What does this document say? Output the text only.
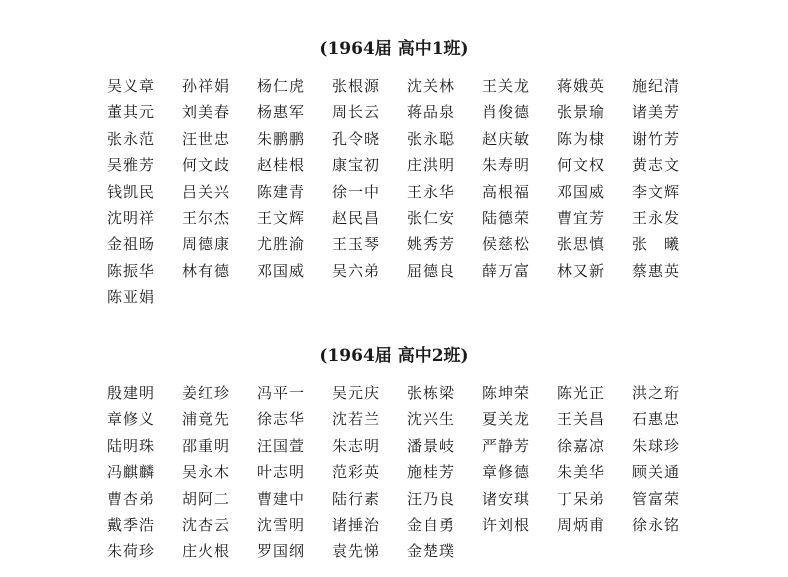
(1964届 高中1班)
吴义章	孙祥娟	杨仁虎	张根源	沈关林	王关龙	蒋娥英	施纪清
董其元	刘美春	杨惠军	周长云	蒋品泉	肖俊德	张景瑜	诸美芳
张永范	汪世忠	朱鹏鹏	孔令晓	张永聪	赵庆敏	陈为棣	谢竹芳
吴雅芳	何文歧	赵桂根	康宝初	庄洪明	朱寿明	何文权	黄志文
钱凯民	吕关兴	陈建青	徐一中	王永华	高根福	邓国威	李文辉
沈明祥	王尔杰	王文辉	赵民昌	张仁安	陆德荣	曹宜芳	王永发
金祖旸	周德康	尤胜渝	王玉琴	姚秀芳	侯慈松	张思慎	张　曦
陈振华	林有德	邓国威	吴六弟	屈德良	薛万富	林又新	蔡惠英
陈亚娟
(1964届 高中2班)
殷建明	姜红珍	冯平一	吴元庆	张栋梁	陈坤荣	陈光正	洪之珩
章修义	浦竟先	徐志华	沈若兰	沈兴生	夏关龙	王关昌	石惠忠
陆明珠	邵重明	汪国萱	朱志明	潘景岐	严静芳	徐嘉凉	朱球珍
冯麒麟	吴永木	叶志明	范彩英	施桂芳	章修德	朱美华	顾关通
曹杏弟	胡阿二	曹建中	陆行素	汪乃良	诸安琪	丁呆弟	管富荣
戴季浩	沈杏云	沈雪明	诸捶治	金自勇	许刘根	周炳甫	徐永铭
朱荷珍	庄火根	罗国纲	袁先悌	金楚璞
